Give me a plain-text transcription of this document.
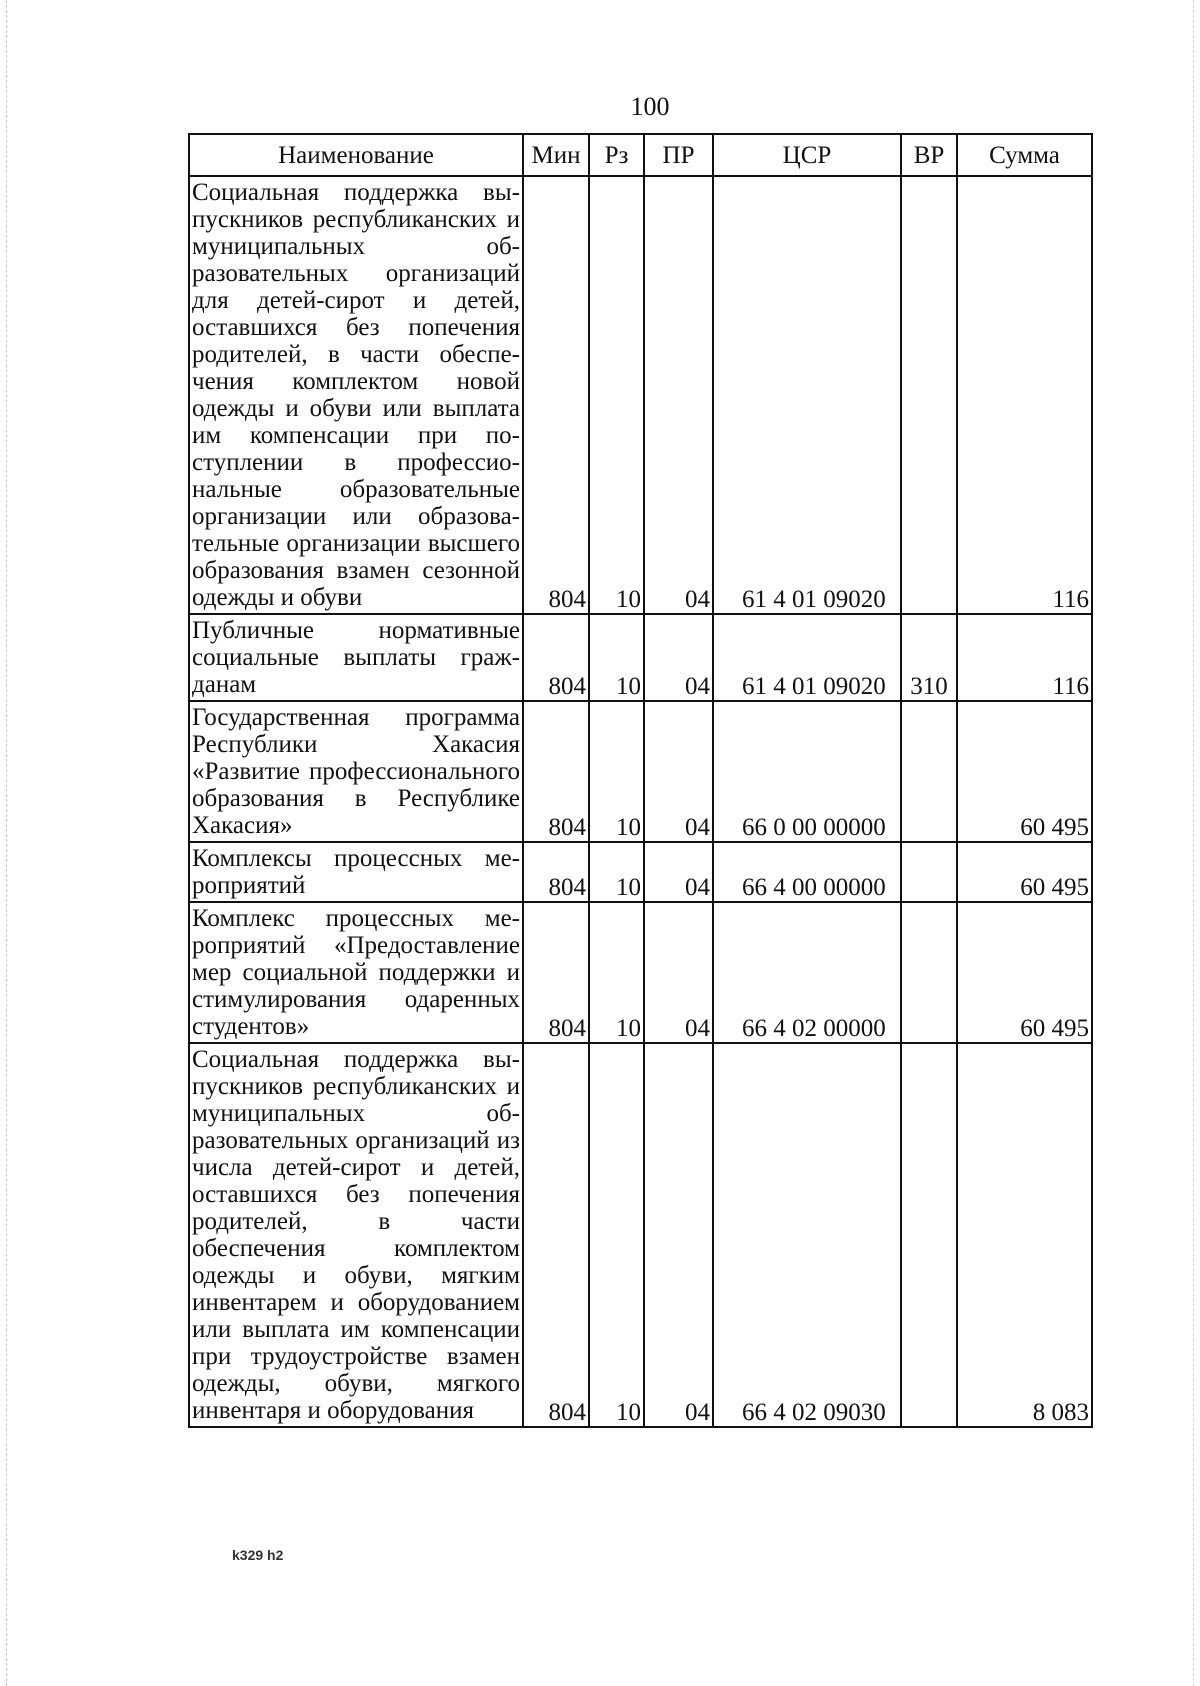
100
Наименование	Мин	Рз	ПР	ЦСР	ВР	Сумма
Социальная поддержка выпускников республиканских и муниципальных образовательных организаций для детей-сирот и детей, оставшихся без попечения родителей, в части обеспечения комплектом новой одежды и обуви или выплата им компенсации при поступлении в профессиональные образовательные организации или образовательные организации высшего образования взамен сезонной одежды и обуви	804	10	04	61 4 01 09020		116
Публичные нормативные социальные выплаты гражданам	804	10	04	61 4 01 09020	310	116
Государственная программа Республики Хакасия «Развитие профессионального образования в Республике Хакасия»	804	10	04	66 0 00 00000		60 495
Комплексы процессных мероприятий	804	10	04	66 4 00 00000		60 495
Комплекс процессных мероприятий «Предоставление мер социальной поддержки и стимулирования одаренных студентов»	804	10	04	66 4 02 00000		60 495
Социальная поддержка выпускников республиканских и муниципальных образовательных организаций из числа детей-сирот и детей, оставшихся без попечения родителей, в части обеспечения комплектом одежды и обуви, мягким инвентарем и оборудованием или выплата им компенсации при трудоустройстве взамен одежды, обуви, мягкого инвентаря и оборудования	804	10	04	66 4 02 09030		8 083
k329 h2
